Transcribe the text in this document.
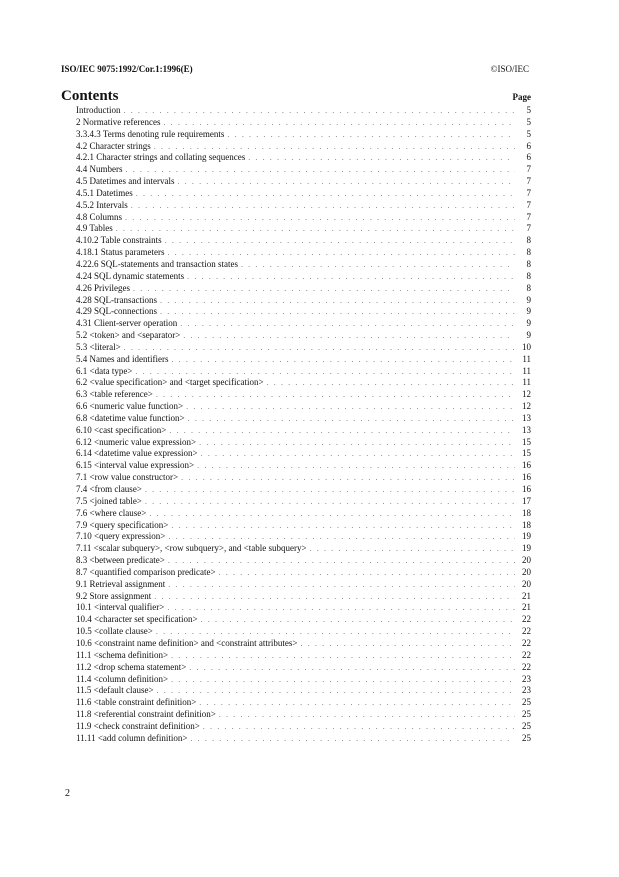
ISO/IEC 9075:1992/Cor.1:1996(E)	©ISO/IEC
Contents	Page
Introduction . . .	5
2 Normative references . . .	5
3.3.4.3 Terms denoting rule requirements . . .	5
4.2 Character strings . . .	6
4.2.1 Character strings and collating sequences . . .	6
4.4 Numbers . . .	7
4.5 Datetimes and intervals . . .	7
4.5.1 Datetimes . . .	7
4.5.2 Intervals . . .	7
4.8 Columns . . .	7
4.9 Tables . . .	7
4.10.2 Table constraints . . .	8
4.18.1 Status parameters . . .	8
4.22.6 SQL-statements and transaction states . . .	8
4.24 SQL dynamic statements . . .	8
4.26 Privileges . . .	8
4.28 SQL-transactions . . .	9
4.29 SQL-connections . . .	9
4.31 Client-server operation . . .	9
5.2 <token> and <separator> . . .	9
5.3 <literal> . . .	10
5.4 Names and identifiers . . .	11
6.1 <data type> . . .	11
6.2 <value specification> and <target specification> . . .	11
6.3 <table reference> . . .	12
6.6 <numeric value function> . . .	12
6.8 <datetime value function> . . .	13
6.10 <cast specification> . . .	13
6.12 <numeric value expression> . . .	15
6.14 <datetime value expression> . . .	15
6.15 <interval value expression> . . .	16
7.1 <row value constructor> . . .	16
7.4 <from clause> . . .	16
7.5 <joined table> . . .	17
7.6 <where clause> . . .	18
7.9 <query specification> . . .	18
7.10 <query expression> . . .	19
7.11 <scalar subquery>, <row subquery>, and <table subquery> . . .	19
8.3 <between predicate> . . .	20
8.7 <quantified comparison predicate> . . .	20
9.1 Retrieval assignment . . .	20
9.2 Store assignment . . .	21
10.1 <interval qualifier> . . .	21
10.4 <character set specification> . . .	22
10.5 <collate clause> . . .	22
10.6 <constraint name definition> and <constraint attributes> . . .	22
11.1 <schema definition> . . .	22
11.2 <drop schema statement> . . .	22
11.4 <column definition> . . .	23
11.5 <default clause> . . .	23
11.6 <table constraint definition> . . .	25
11.8 <referential constraint definition> . . .	25
11.9 <check constraint definition> . . .	25
11.11 <add column definition> . . .	25
2
